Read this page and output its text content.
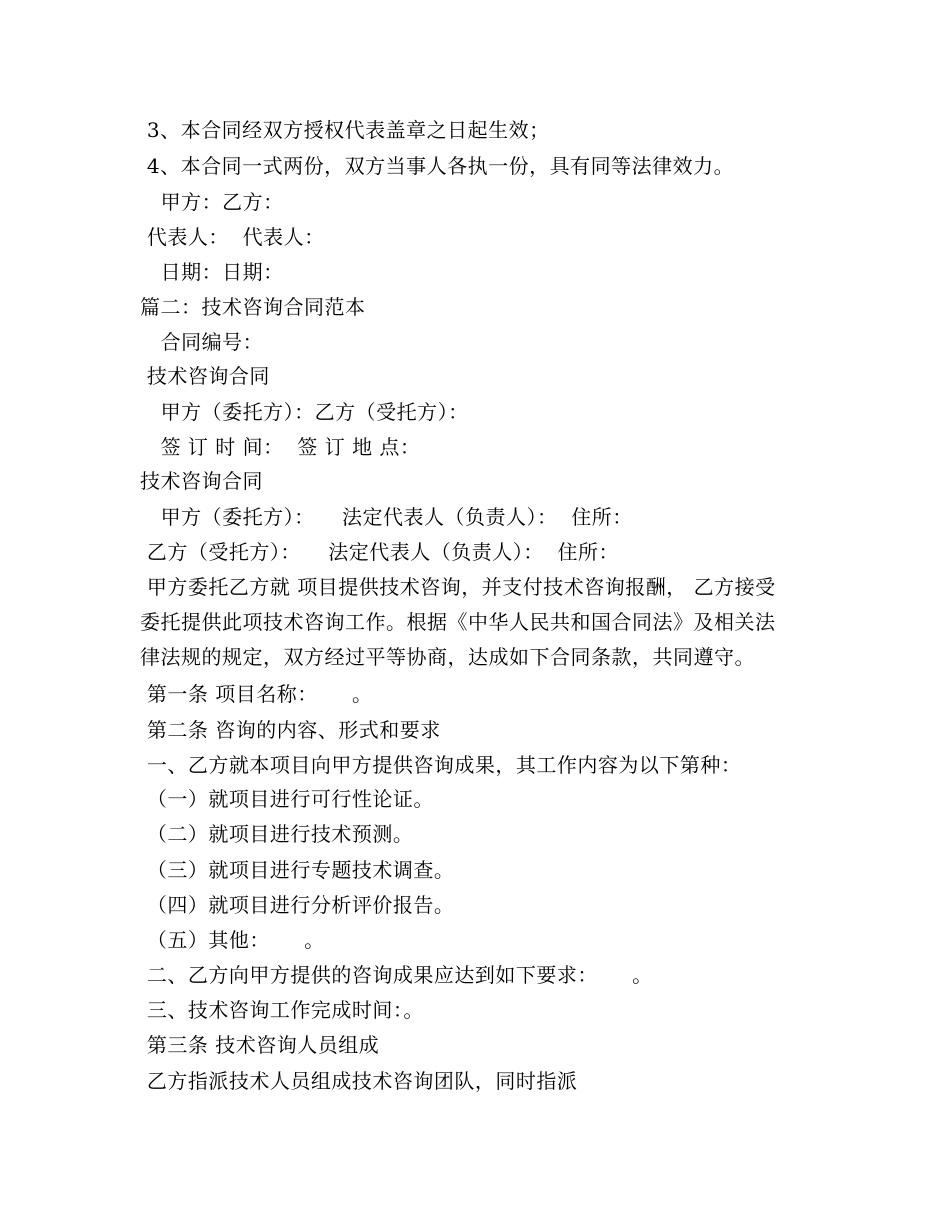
3、本合同经双方授权代表盖章之日起生效；
4、本合同一式两份，双方当事人各执一份，具有同等法律效力。
甲方：乙方：
代表人：  代表人：
日期：日期：
篇二：技术咨询合同范本
合同编号：
技术咨询合同
甲方（委托方）：乙方（受托方）：
签 订 时 间：  签 订 地 点：
技术咨询合同
甲方（委托方）：    法定代表人（负责人）：  住所：
乙方（受托方）：    法定代表人（负责人）：  住所：
甲方委托乙方就 项目提供技术咨询，并支付技术咨询报酬， 乙方接受
委托提供此项技术咨询工作。根据《中华人民共和国合同法》及相关法
律法规的规定，双方经过平等协商，达成如下合同条款，共同遵守。
第一条 项目名称：     。
第二条 咨询的内容、形式和要求
一、乙方就本项目向甲方提供咨询成果，其工作内容为以下第种：
（一）就项目进行可行性论证。
（二）就项目进行技术预测。
（三）就项目进行专题技术调查。
（四）就项目进行分析评价报告。
（五）其他：     。
二、乙方向甲方提供的咨询成果应达到如下要求：     。
三、技术咨询工作完成时间：。
第三条 技术咨询人员组成
乙方指派技术人员组成技术咨询团队，同时指派
